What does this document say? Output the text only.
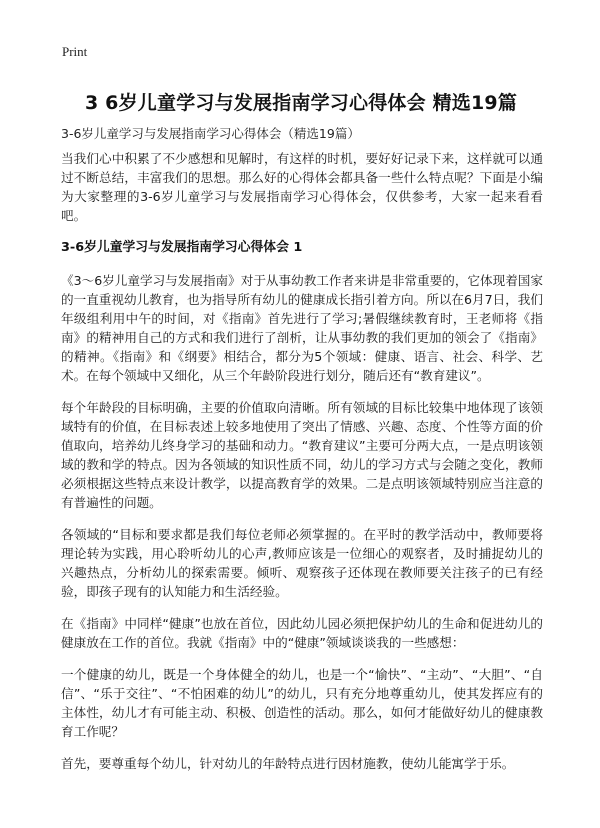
Print
3 6岁儿童学习与发展指南学习心得体会 精选19篇
3-6岁儿童学习与发展指南学习心得体会（精选19篇）

当我们心中积累了不少感想和见解时，有这样的时机，要好好记录下来，这样就可以通过不断总结，丰富我们的思想。那么好的心得体会都具备一些什么特点呢？下面是小编为大家整理的3-6岁儿童学习与发展指南学习心得体会，仅供参考，大家一起来看看吧。

3-6岁儿童学习与发展指南学习心得体会 1

《3～6岁儿童学习与发展指南》对于从事幼教工作者来讲是非常重要的，它体现着国家的一直重视幼儿教育，也为指导所有幼儿的健康成长指引着方向。所以在6月7日，我们年级组利用中午的时间，对《指南》首先进行了学习;暑假继续教育时，王老师将《指南》的精神用自己的方式和我们进行了剖析，让从事幼教的我们更加的领会了《指南》的精神。《指南》和《纲要》相结合，都分为5个领域：健康、语言、社会、科学、艺术。在每个领域中又细化，从三个年龄阶段进行划分，随后还有“教育建议”。

每个年龄段的目标明确，主要的价值取向清晰。所有领域的目标比较集中地体现了该领域特有的价值，在目标表述上较多地使用了突出了情感、兴趣、态度、个性等方面的价值取向，培养幼儿终身学习的基础和动力。“教育建议”主要可分两大点，一是点明该领域的教和学的特点。因为各领域的知识性质不同，幼儿的学习方式与会随之变化，教师必须根据这些特点来设计教学，以提高教育学的效果。二是点明该领域特别应当注意的有普遍性的问题。

各领域的“目标和要求都是我们每位老师必须掌握的。在平时的教学活动中，教师要将理论转为实践，用心聆听幼儿的心声,教师应该是一位细心的观察者，及时捕捉幼儿的兴趣热点，分析幼儿的探索需要。倾听、观察孩子还体现在教师要关注孩子的已有经验，即孩子现有的认知能力和生活经验。

在《指南》中同样“健康”也放在首位，因此幼儿园必须把保护幼儿的生命和促进幼儿的健康放在工作的首位。我就《指南》中的“健康”领域谈谈我的一些感想：

一个健康的幼儿，既是一个身体健全的幼儿，也是一个“愉快”、“主动”、“大胆”、“自信”、“乐于交往”、“不怕困难的幼儿”的幼儿，只有充分地尊重幼儿，使其发挥应有的主体性，幼儿才有可能主动、积极、创造性的活动。那么，如何才能做好幼儿的健康教育工作呢？

首先，要尊重每个幼儿，针对幼儿的年龄特点进行因材施教，使幼儿能寓学于乐。
